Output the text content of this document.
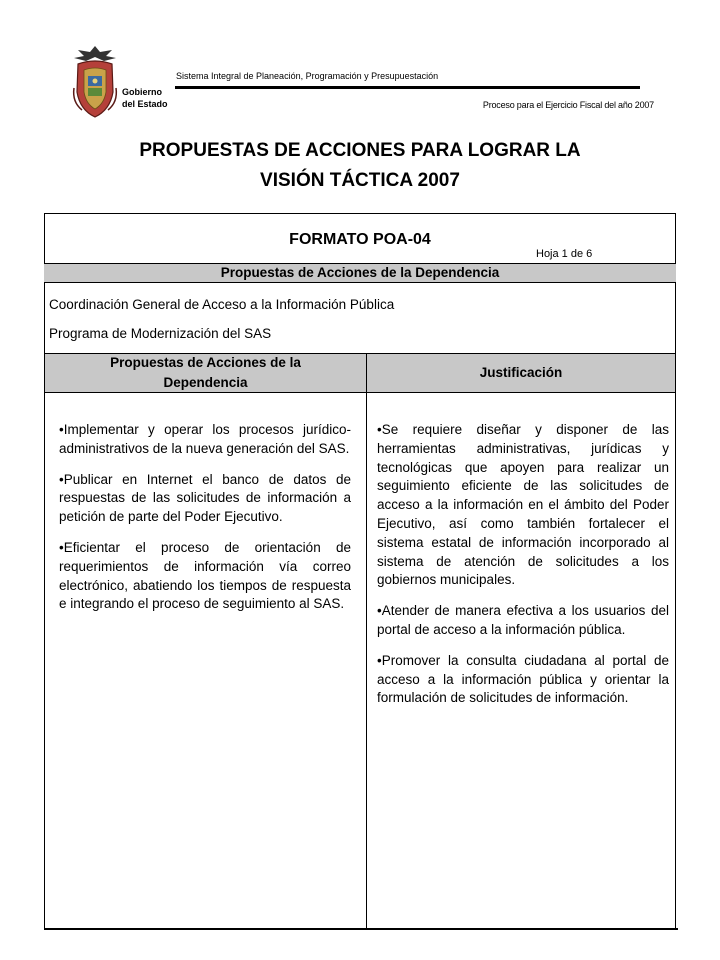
Gobierno
del Estado
Sistema Integral de Planeación, Programación y Presupuestación
Proceso para el Ejercicio Fiscal del año 2007
PROPUESTAS DE ACCIONES PARA LOGRAR LA
VISIÓN TÁCTICA 2007
FORMATO POA-04
Hoja 1 de 6
Propuestas de Acciones de la Dependencia
Coordinación General de Acceso a la Información Pública
Programa de Modernización del SAS
Propuestas de Acciones de la
Dependencia
Justificación

•Implementar y operar los procesos jurídico-administrativos de la nueva generación del SAS.

•Publicar en Internet el banco de datos de respuestas de las solicitudes de información a petición de parte del Poder Ejecutivo.

•Eficientar el proceso de orientación de requerimientos de información vía correo electrónico, abatiendo los tiempos de respuesta e integrando el proceso de seguimiento al SAS.

•Se requiere diseñar y disponer de las herramientas administrativas, jurídicas y tecnológicas que apoyen para realizar un seguimiento eficiente de las solicitudes de acceso a la información en el ámbito del Poder Ejecutivo, así como también fortalecer el sistema estatal de información incorporado al sistema de atención de solicitudes a los gobiernos municipales.

•Atender de manera efectiva a los usuarios del portal de acceso a la información pública.

•Promover la consulta ciudadana al portal de acceso a la información pública y orientar la formulación de solicitudes de información.
